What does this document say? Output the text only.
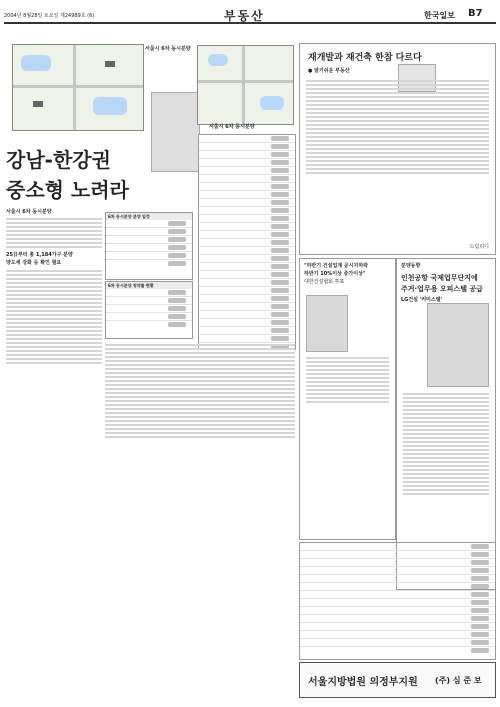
2004년 8월28일 토요일 제24989호 (6)	부동산	한국일보 B7
서울시 6차 동시분양
강남-한강권
중소형 노려라
서울시 6차 동시분양
25日부터 총 1,184가구 분양
양도세 강화 등 확인 필요
서울시 6차 동시분양
6차 동시분양 분양 일정
6차 동시분양 청약률 현황
재개발과 재건축 한참 다르다
● 알기쉬운 부동산
드림리디
"하반기 건설업계 공시지하락
하반기 10%이상 증가이상"
대한건설협회 투표
분양동향
인천공항 국제업무단지에
주거·업무용 오피스텔 공급
LG건설 '커미스텔'
서울지방법원 의정부지원 (주) 심 준 보
